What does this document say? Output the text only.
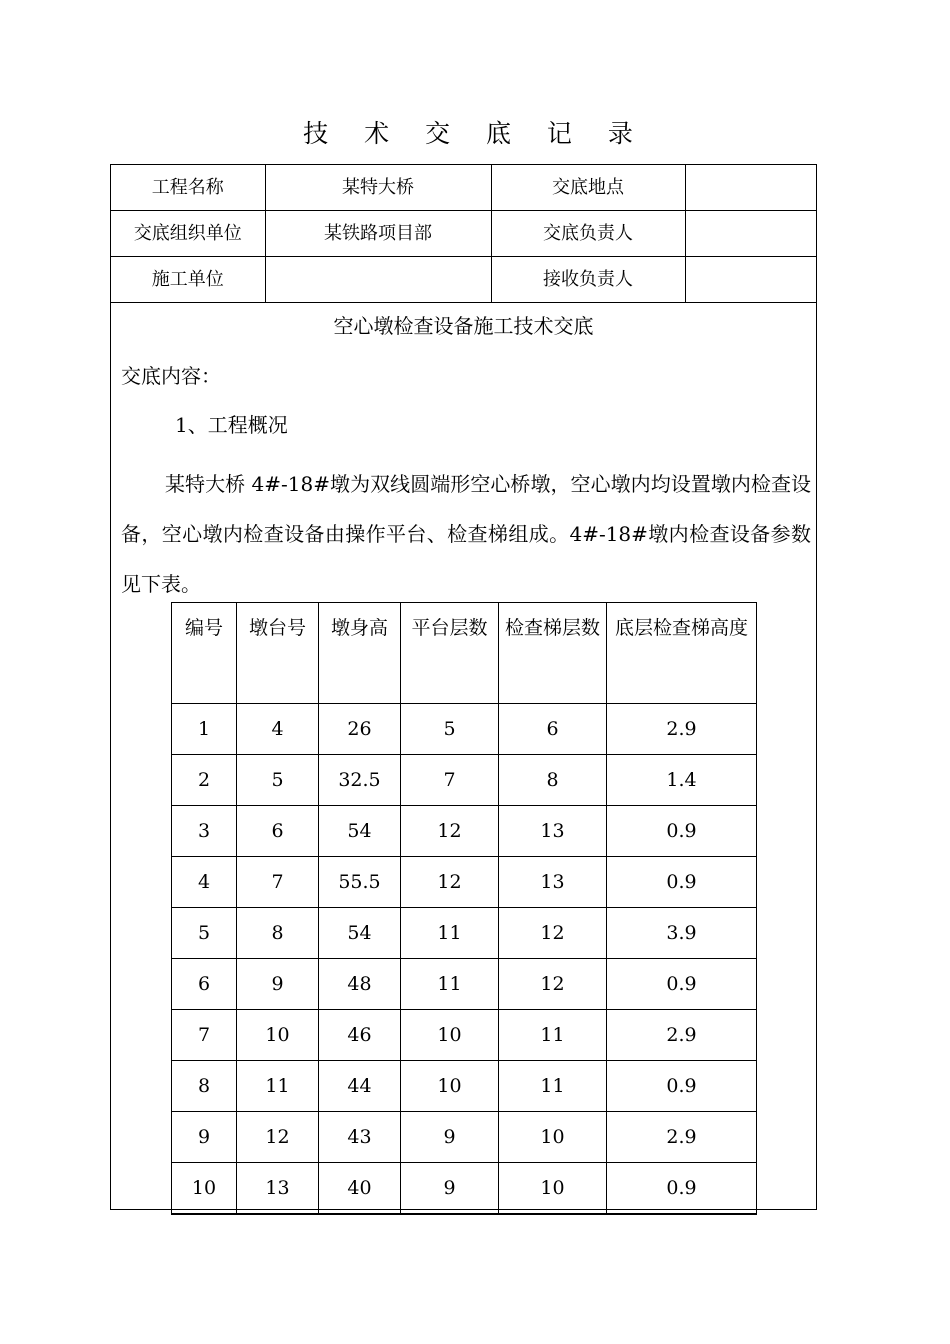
技 术 交 底 记 录
工程名称	某特大桥	交底地点	
交底组织单位	某铁路项目部	交底负责人	
施工单位		接收负责人	
空心墩检查设备施工技术交底
交底内容：
1、工程概况
某特大桥 4#-18#墩为双线圆端形空心桥墩，空心墩内均设置墩内检查设备，空心墩内检查设备由操作平台、检查梯组成。4#-18#墩内检查设备参数见下表。
编号	墩台号	墩身高	平台层数	检查梯层数	底层检查梯高度
1	4	26	5	6	2.9
2	5	32.5	7	8	1.4
3	6	54	12	13	0.9
4	7	55.5	12	13	0.9
5	8	54	11	12	3.9
6	9	48	11	12	0.9
7	10	46	10	11	2.9
8	11	44	10	11	0.9
9	12	43	9	10	2.9
10	13	40	9	10	0.9
